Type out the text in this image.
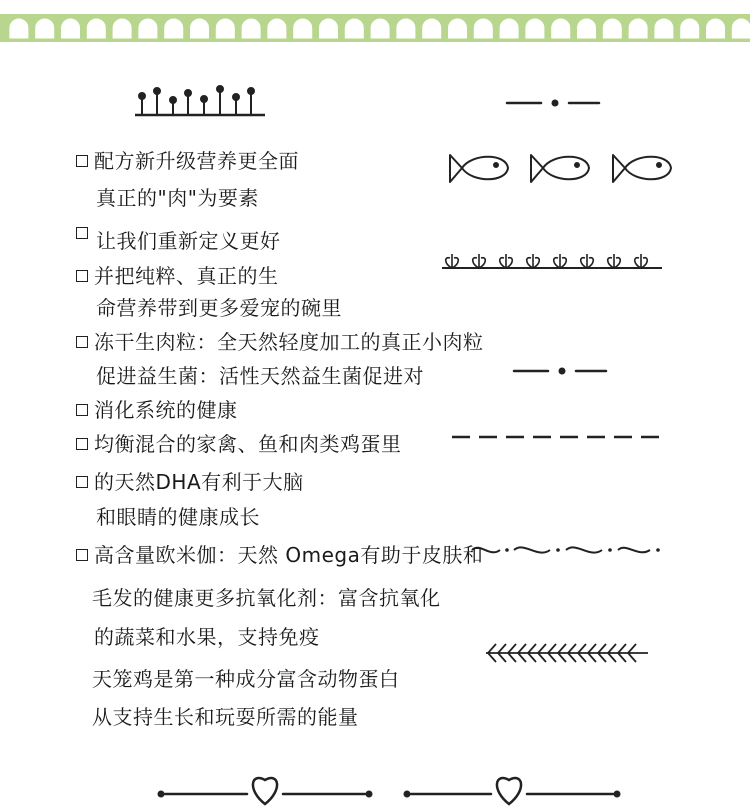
配方新升级营养更全面
真正的"肉"为要素
让我们重新定义更好
并把纯粹、真正的生
命营养带到更多爱宠的碗里
冻干生肉粒：全天然轻度加工的真正小肉粒
促进益生菌：活性天然益生菌促进对
消化系统的健康
均衡混合的家禽、鱼和肉类鸡蛋里
的天然DHA有利于大脑
和眼睛的健康成长
高含量欧米伽：天然 Omega有助于皮肤和
毛发的健康更多抗氧化剂：富含抗氧化
的蔬菜和水果，支持免疫
天笼鸡是第一种成分富含动物蛋白
从支持生长和玩耍所需的能量
